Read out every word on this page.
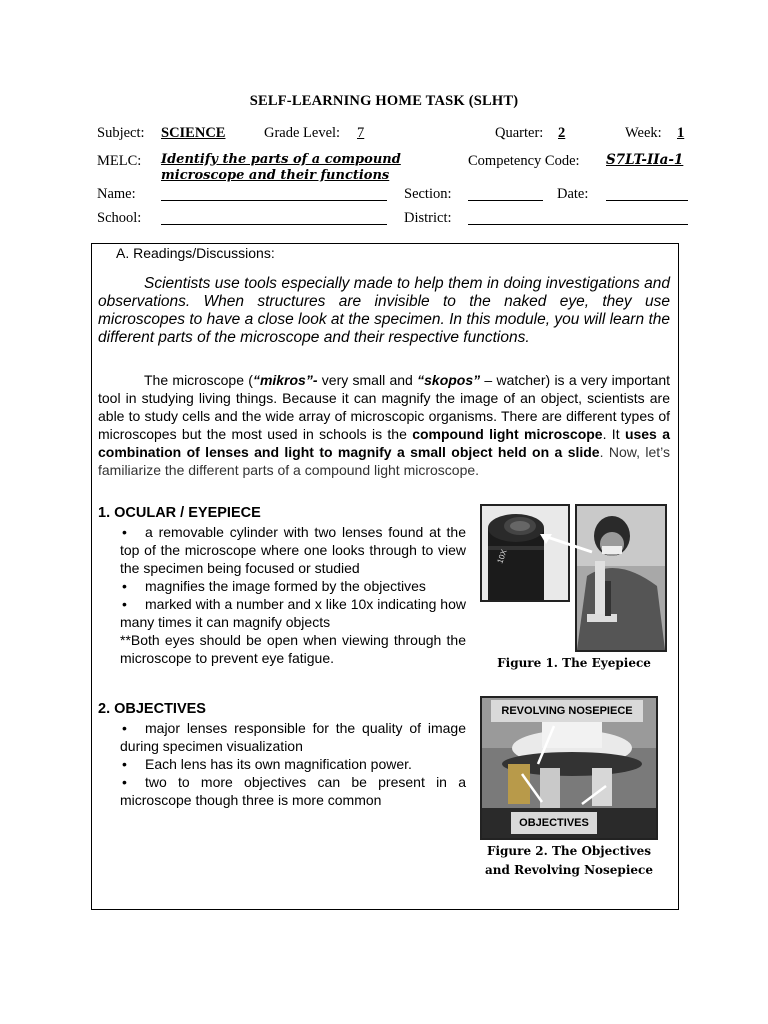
SELF-LEARNING HOME TASK (SLHT)
Subject: SCIENCE	Grade Level: 7	Quarter: 2	Week: 1
MELC: Identify the parts of a compound
microscope and their functions
Competency Code: S7LT-IIa-1
Name:	Section:	Date:
School:	District:
A. Readings/Discussions:
Scientists use tools especially made to help them in doing investigations and observations. When structures are invisible to the naked eye, they use microscopes to have a close look at the specimen. In this module, you will learn the different parts of the microscope and their respective functions.
The microscope (“mikros”- very small and “skopos” – watcher) is a very important tool in studying living things. Because it can magnify the image of an object, scientists are able to study cells and the wide array of microscopic organisms. There are different types of microscopes but the most used in schools is the compound light microscope. It uses a combination of lenses and light to magnify a small object held on a slide. Now, let’s familiarize the different parts of a compound light microscope.
1. OCULAR / EYEPIECE
• a removable cylinder with two lenses found at the top of the microscope where one looks through to view the specimen being focused or studied
• magnifies the image formed by the objectives
• marked with a number and x like 10x indicating how many times it can magnify objects
**Both eyes should be open when viewing through the microscope to prevent eye fatigue.
10X
Figure 1. The Eyepiece
2. OBJECTIVES
• major lenses responsible for the quality of image during specimen visualization
• Each lens has its own magnification power.
• two to more objectives can be present in a microscope though three is more common
REVOLVING NOSEPIECE
OBJECTIVES
Figure 2. The Objectives
and Revolving Nosepiece
